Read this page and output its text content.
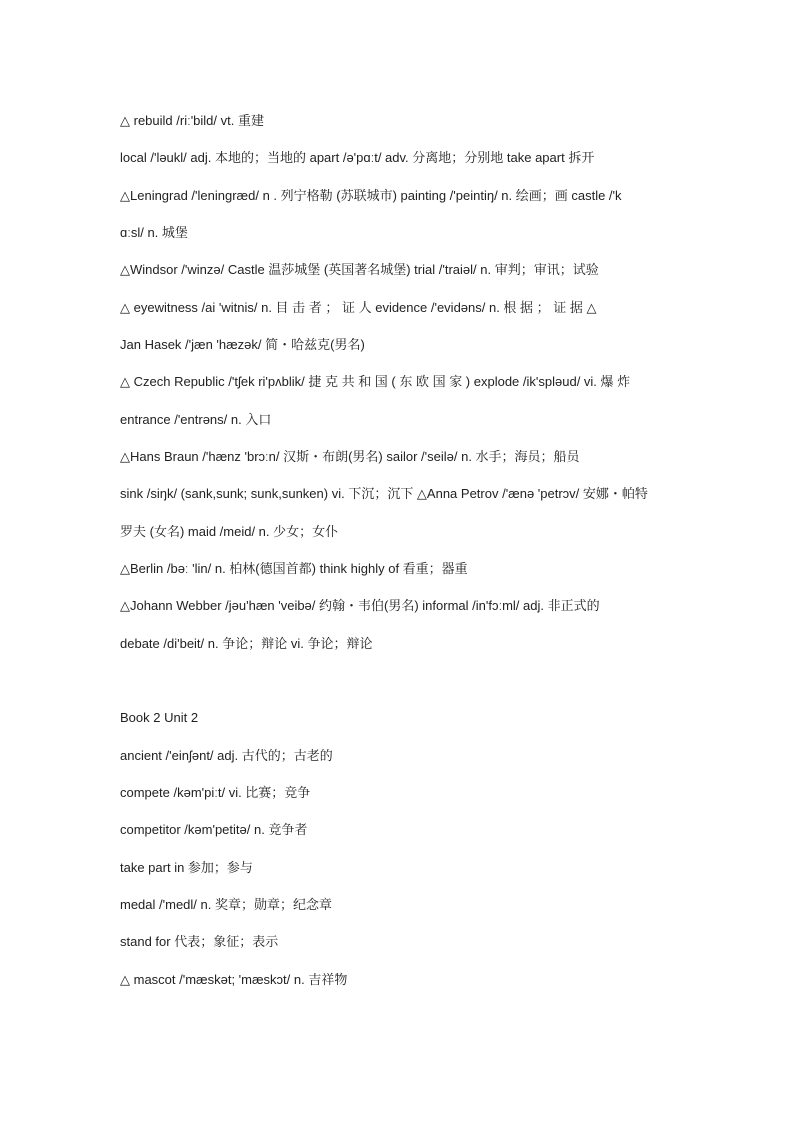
△ rebuild /riː'bild/ vt. 重建
local /'ləukl/ adj. 本地的；当地的 apart /ə'pɑːt/ adv. 分离地；分别地 take apart 拆开
△Leningrad /'leningræd/ n . 列宁格勒 (苏联城市) painting /'peintiŋ/ n. 绘画；画 castle /'k
ɑːsl/ n. 城堡
△Windsor /'winzə/ Castle 温莎城堡 (英国著名城堡) trial /'traiəl/ n. 审判；审讯；试验
△ eyewitness /ai 'witnis/ n. 目 击 者 ； 证 人 evidence /'evidəns/ n. 根 据 ； 证 据 △
Jan Hasek /'jæn 'hæzək/ 简・哈兹克(男名)
△ Czech Republic /'tʃek ri'pʌblik/ 捷 克 共 和 国 ( 东 欧 国 家 ) explode /ik'spləud/ vi. 爆 炸
entrance /'entrəns/ n. 入口
△Hans Braun /'hænz 'brɔːn/ 汉斯・布朗(男名) sailor /'seilə/ n. 水手；海员；船员
sink /siŋk/ (sank,sunk; sunk,sunken) vi. 下沉；沉下 △Anna Petrov /'ænə 'petrɔv/ 安娜・帕特
罗夫 (女名) maid /meid/ n. 少女；女仆
△Berlin /bəː 'lin/ n. 柏林(德国首都) think highly of 看重；器重
△Johann Webber /jəu'hæn 'veibə/ 约翰・韦伯(男名) informal /in'fɔːml/ adj. 非正式的
debate /di'beit/ n. 争论；辩论 vi. 争论；辩论
Book 2 Unit 2
ancient /'einʃənt/ adj. 古代的；古老的
compete /kəm'piːt/ vi. 比赛；竞争
competitor /kəm'petitə/ n. 竞争者
take part in 参加；参与
medal /'medl/ n. 奖章；勋章；纪念章
stand for 代表；象征；表示
△ mascot /'mæskət; 'mæskɔt/ n. 吉祥物
